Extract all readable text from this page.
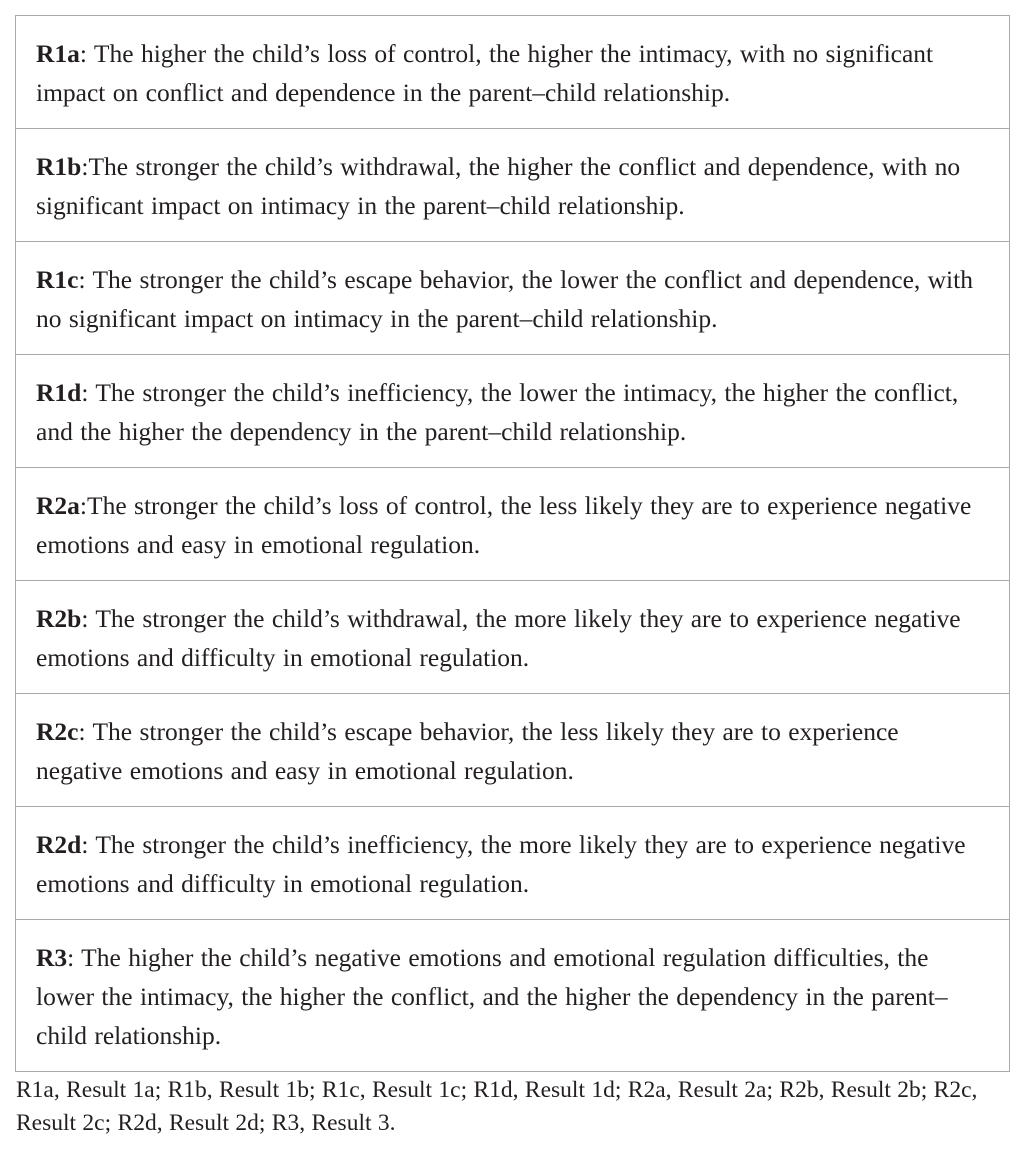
R1a: The higher the child’s loss of control, the higher the intimacy, with no significant impact on conflict and dependence in the parent–child relationship.
R1b:The stronger the child’s withdrawal, the higher the conflict and dependence, with no significant impact on intimacy in the parent–child relationship.
R1c: The stronger the child’s escape behavior, the lower the conflict and dependence, with no significant impact on intimacy in the parent–child relationship.
R1d: The stronger the child’s inefficiency, the lower the intimacy, the higher the conflict, and the higher the dependency in the parent–child relationship.
R2a:The stronger the child’s loss of control, the less likely they are to experience negative emotions and easy in emotional regulation.
R2b: The stronger the child’s withdrawal, the more likely they are to experience negative emotions and difficulty in emotional regulation.
R2c: The stronger the child’s escape behavior, the less likely they are to experience negative emotions and easy in emotional regulation.
R2d: The stronger the child’s inefficiency, the more likely they are to experience negative emotions and difficulty in emotional regulation.
R3: The higher the child’s negative emotions and emotional regulation difficulties, the lower the intimacy, the higher the conflict, and the higher the dependency in the parent–child relationship.
R1a, Result 1a; R1b, Result 1b; R1c, Result 1c; R1d, Result 1d; R2a, Result 2a; R2b, Result 2b; R2c, Result 2c; R2d, Result 2d; R3, Result 3.
